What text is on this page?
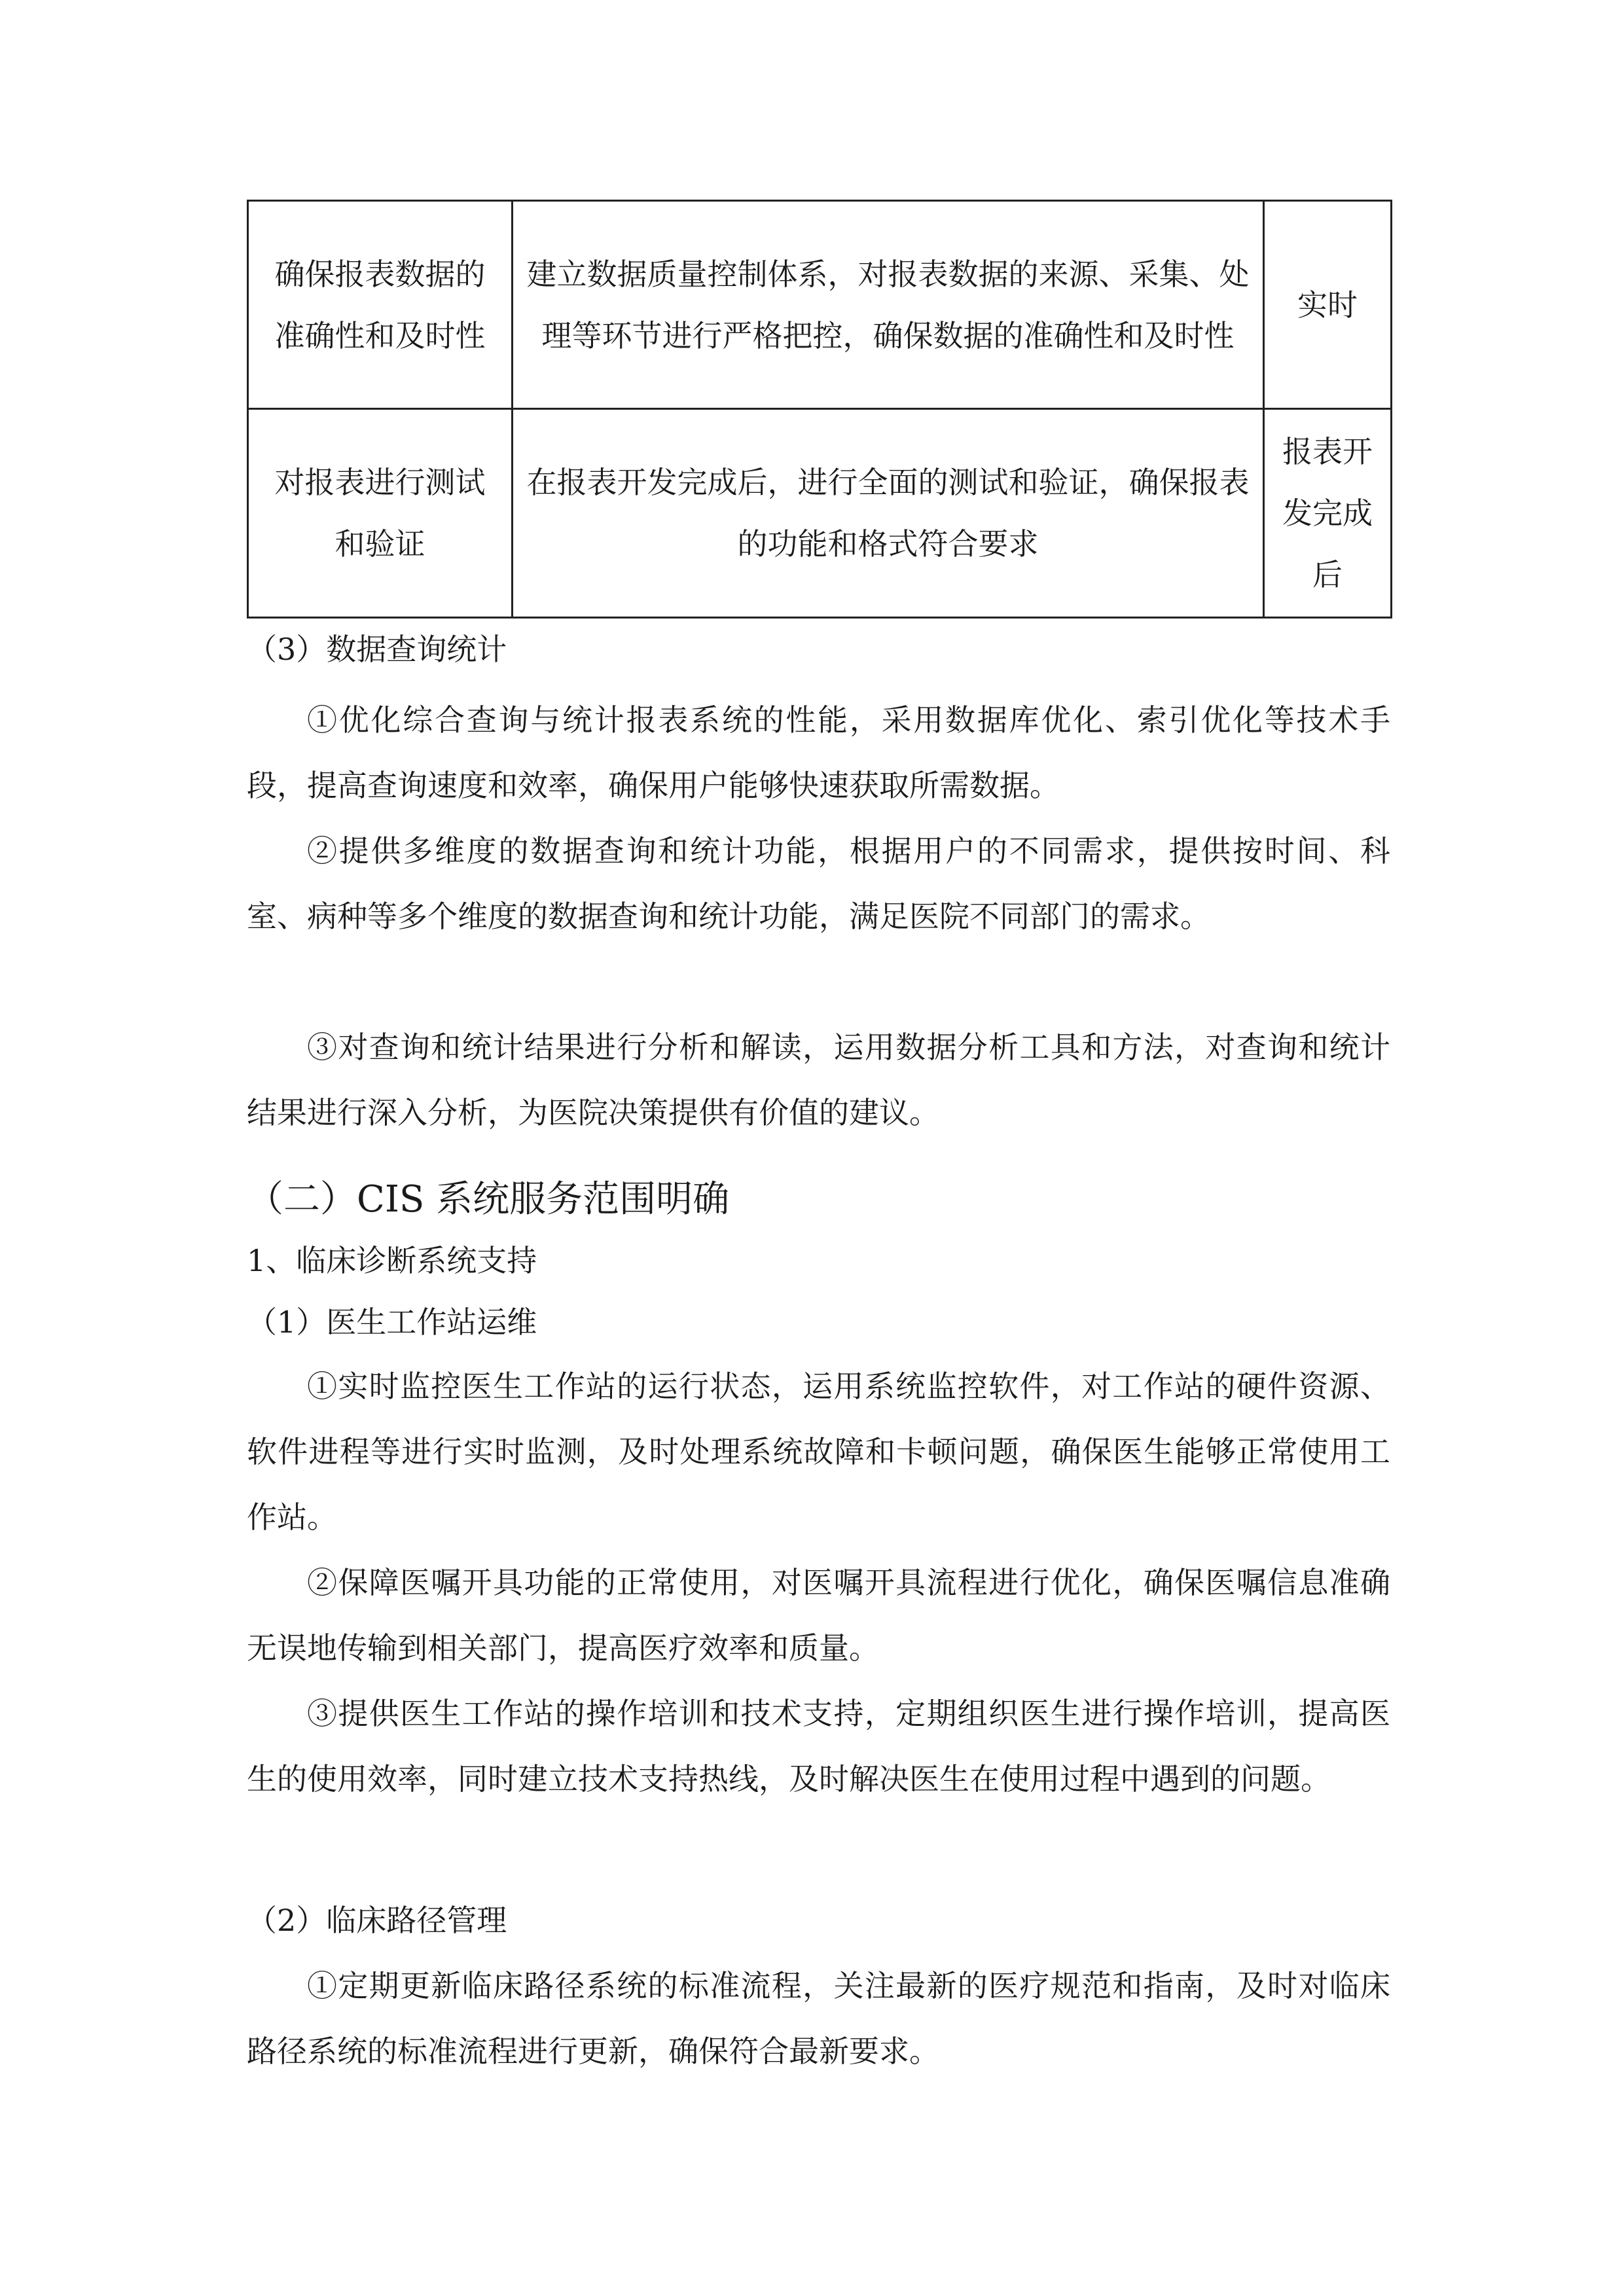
确保报表数据的准确性和及时性	建立数据质量控制体系，对报表数据的来源、采集、处理等环节进行严格把控，确保数据的准确性和及时性	实时
对报表进行测试和验证	在报表开发完成后，进行全面的测试和验证，确保报表的功能和格式符合要求	报表开发完成后
（3）数据查询统计
①优化综合查询与统计报表系统的性能，采用数据库优化、索引优化等技术手段，提高查询速度和效率，确保用户能够快速获取所需数据。
②提供多维度的数据查询和统计功能，根据用户的不同需求，提供按时间、科室、病种等多个维度的数据查询和统计功能，满足医院不同部门的需求。
③对查询和统计结果进行分析和解读，运用数据分析工具和方法，对查询和统计结果进行深入分析，为医院决策提供有价值的建议。
（二）CIS 系统服务范围明确
1、临床诊断系统支持
（1）医生工作站运维
①实时监控医生工作站的运行状态，运用系统监控软件，对工作站的硬件资源、软件进程等进行实时监测，及时处理系统故障和卡顿问题，确保医生能够正常使用工作站。
②保障医嘱开具功能的正常使用，对医嘱开具流程进行优化，确保医嘱信息准确无误地传输到相关部门，提高医疗效率和质量。
③提供医生工作站的操作培训和技术支持，定期组织医生进行操作培训，提高医生的使用效率，同时建立技术支持热线，及时解决医生在使用过程中遇到的问题。
（2）临床路径管理
①定期更新临床路径系统的标准流程，关注最新的医疗规范和指南，及时对临床路径系统的标准流程进行更新，确保符合最新要求。
